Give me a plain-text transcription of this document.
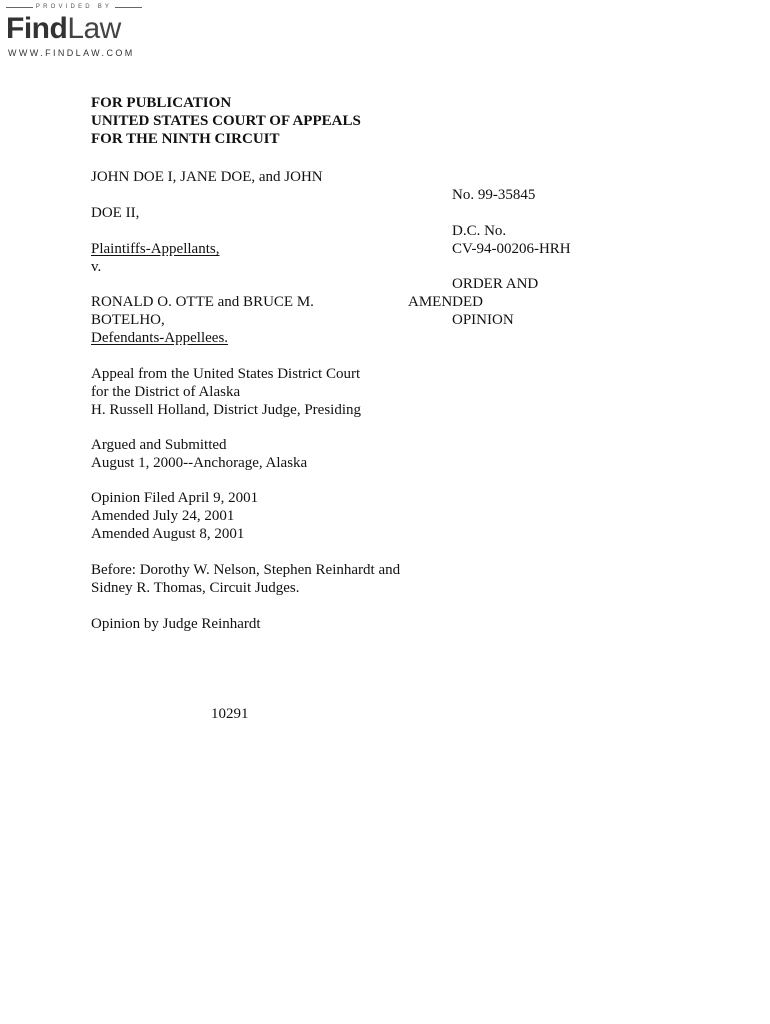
PROVIDED BY
FindLaw
WWW.FINDLAW.COM
FOR PUBLICATION
UNITED STATES COURT OF APPEALS
FOR THE NINTH CIRCUIT
JOHN DOE I, JANE DOE, and JOHN
DOE II,
Plaintiffs-Appellants,
v.
RONALD O. OTTE and BRUCE M.
BOTELHO,
Defendants-Appellees.
No. 99-35845
D.C. No.
CV-94-00206-HRH
ORDER AND
AMENDED
OPINION
Appeal from the United States District Court
for the District of Alaska
H. Russell Holland, District Judge, Presiding
Argued and Submitted
August 1, 2000--Anchorage, Alaska
Opinion Filed April 9, 2001
Amended July 24, 2001
Amended August 8, 2001
Before: Dorothy W. Nelson, Stephen Reinhardt and
Sidney R. Thomas, Circuit Judges.
Opinion by Judge Reinhardt
10291
